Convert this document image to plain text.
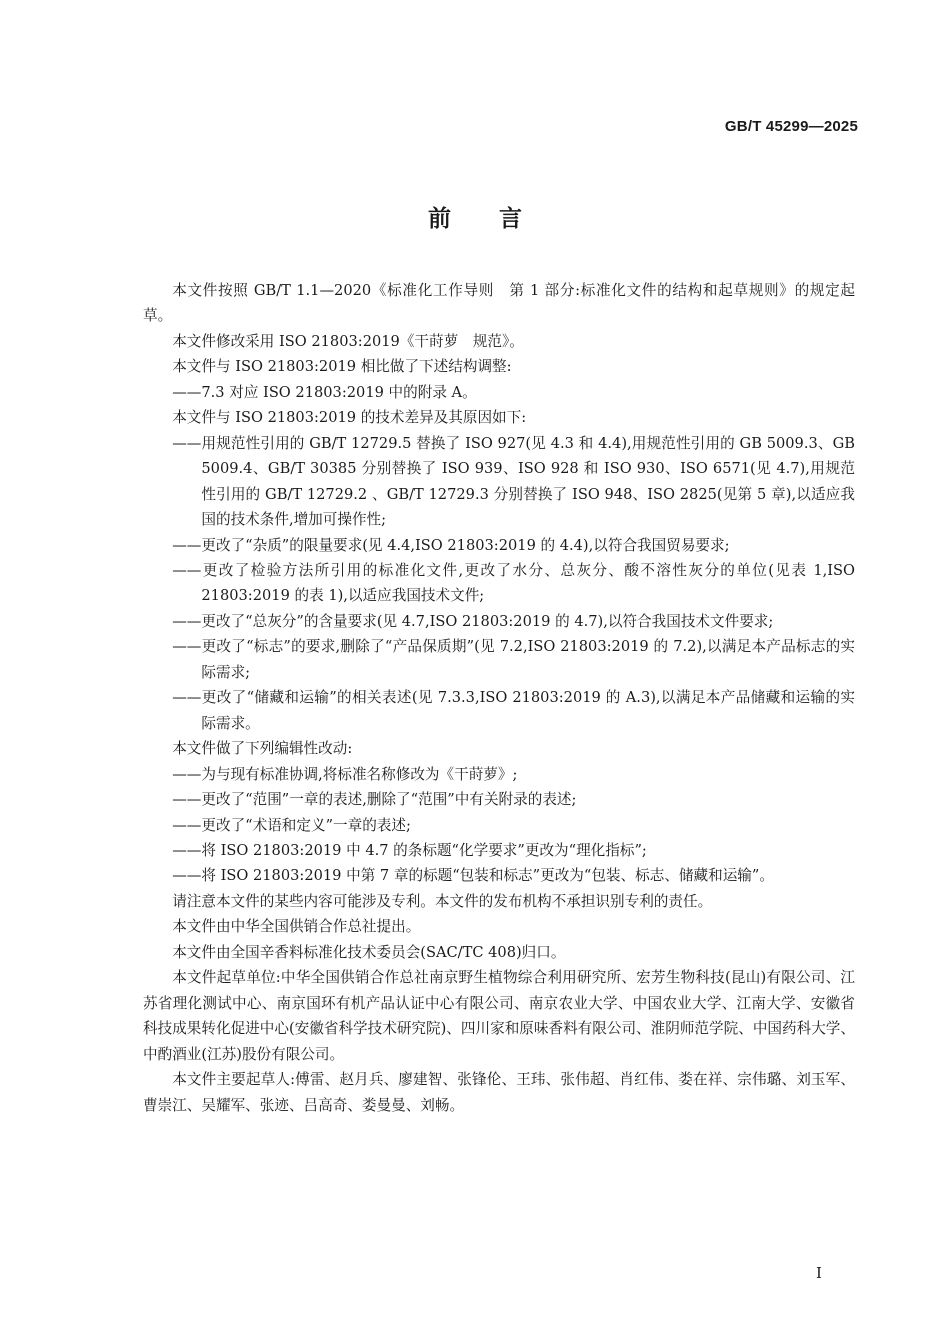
GB/T 45299—2025
前言

本文件按照 GB/T 1.1—2020《标准化工作导则　第 1 部分:标准化文件的结构和起草规则》的规定起草。

本文件修改采用 ISO 21803:2019《干莳萝　规范》。

本文件与 ISO 21803:2019 相比做了下述结构调整:

——7.3 对应 ISO 21803:2019 中的附录 A。

本文件与 ISO 21803:2019 的技术差异及其原因如下:

——用规范性引用的 GB/T 12729.5 替换了 ISO 927(见 4.3 和 4.4),用规范性引用的 GB 5009.3、GB 5009.4、GB/T 30385 分别替换了 ISO 939、ISO 928 和 ISO 930、ISO 6571(见 4.7),用规范性引用的 GB/T 12729.2 、GB/T 12729.3 分别替换了 ISO 948、ISO 2825(见第 5 章),以适应我国的技术条件,增加可操作性;

——更改了“杂质”的限量要求(见 4.4,ISO 21803:2019 的 4.4),以符合我国贸易要求;

——更改了检验方法所引用的标准化文件,更改了水分、总灰分、酸不溶性灰分的单位(见表 1,ISO 21803:2019 的表 1),以适应我国技术文件;

——更改了“总灰分”的含量要求(见 4.7,ISO 21803:2019 的 4.7),以符合我国技术文件要求;

——更改了“标志”的要求,删除了“产品保质期”(见 7.2,ISO 21803:2019 的 7.2),以满足本产品标志的实际需求;

——更改了“储藏和运输”的相关表述(见 7.3.3,ISO 21803:2019 的 A.3),以满足本产品储藏和运输的实际需求。

本文件做了下列编辑性改动:

——为与现有标准协调,将标准名称修改为《干莳萝》;

——更改了“范围”一章的表述,删除了“范围”中有关附录的表述;

——更改了“术语和定义”一章的表述;

——将 ISO 21803:2019 中 4.7 的条标题“化学要求”更改为“理化指标”;

——将 ISO 21803:2019 中第 7 章的标题“包装和标志”更改为“包装、标志、储藏和运输”。

请注意本文件的某些内容可能涉及专利。本文件的发布机构不承担识别专利的责任。

本文件由中华全国供销合作总社提出。

本文件由全国辛香料标准化技术委员会(SAC/TC 408)归口。

本文件起草单位:中华全国供销合作总社南京野生植物综合利用研究所、宏芳生物科技(昆山)有限公司、江苏省理化测试中心、南京国环有机产品认证中心有限公司、南京农业大学、中国农业大学、江南大学、安徽省科技成果转化促进中心(安徽省科学技术研究院)、四川家和原味香料有限公司、淮阴师范学院、中国药科大学、中酌酒业(江苏)股份有限公司。

本文件主要起草人:傅雷、赵月兵、廖建智、张锋伦、王玮、张伟超、肖红伟、娄在祥、宗伟璐、刘玉军、曹崇江、吴耀军、张迹、吕高奇、娄曼曼、刘畅。

I
